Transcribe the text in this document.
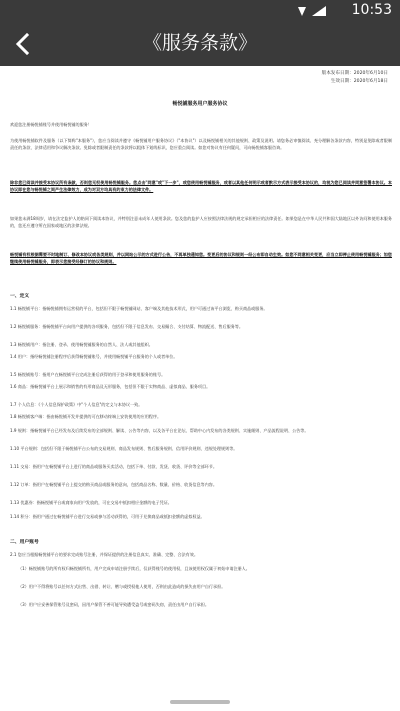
10:53
《服务条款》
版本发布日期：2020年6月10日
生效日期：2020年6月18日
畅悦铺服务用户服务协议
欢迎您注册畅悦铺账号并使用畅悦铺的服务！
为使用畅悦铺软件及服务（以下简称"本服务"），您应当阅读并遵守《畅悦铺用户服务协议》（"本协议"）以及畅悦铺相关的其他规则、政策及说明。请您务必审慎阅读、充分理解各条款内容，特别是免除或者限制责任的条款、法律适用和争议解决条款。免除或者限制责任的条款将以粗体下划线标识，您应重点阅读。如您对协议有任何疑问，可向畅悦铺客服咨询。
除非您已阅读并接受本协议所有条款，否则您无权使用畅悦铺服务。您点击"同意"或"下一步"，或您使用畅悦铺服务，或者以其他任何明示或者默示方式表示接受本协议的，均视为您已阅读并同意签署本协议。本协议即在您与畅悦铺之间产生法律效力，成为对双方均具有约束力的法律文件。
如果您未满18周岁，请在法定监护人的陪同下阅读本协议，并特别注意未成年人使用条款。您及您的监护人应按照法律法规的规定承担相应的法律责任。如果您是在中华人民共和国大陆地区以外访问和使用本服务的，您还应遵守所在国家或地区的法律法规。
畅悦铺有权根据需要不时地制订、修改本协议或各类规则，并以网站公示的方式进行公告，不再单独通知您。变更后的协议和规则一经公布即自动生效。如您不同意相关变更，应当立即停止使用畅悦铺服务；如您继续使用畅悦铺服务，即表示您接受经修订的协议和规则。
一、定义
1.1 畅悦铺平台：指畅悦铺拥有运营权的平台，包括但不限于畅悦铺网站、客户端及其他技术形式，用户可通过该平台浏览、购买商品或服务。
1.2 畅悦铺服务：指畅悦铺平台向用户提供的各项服务，包括但不限于信息发布、交易撮合、支付结算、物流配送、售后服务等。
1.3 畅悦铺用户：指注册、登录、使用畅悦铺服务的自然人、法人或其他组织。
1.4 用户：指经畅悦铺注册程序后获得畅悦铺账号，并使用畅悦铺平台服务的个人或者单位。
1.5 畅悦铺账号：指用户在畅悦铺平台完成注册后获得的用于登录和使用服务的账号。
1.6 商品：指畅悦铺平台上展示和销售的有形商品及无形服务，包括但不限于实物商品、虚拟商品、服务项目。
1.7 个人信息：《个人信息保护政策》中"个人信息"的定义与本协议一致。
1.8 畅悦铺客户端：指由畅悦铺开发并提供的可在移动终端上安装使用的应用程序。
1.9 规则：指畅悦铺平台已经发布及后续发布的全部规则、解读、公告等内容，以及各平台在论坛、帮助中心内发布的各类规则、实施细则、产品流程说明、公告等。
1.10 平台规则：包括但不限于畅悦铺平台公布的交易规则、商品发布规则、售后服务规则、信用评价规则、违规处理规则等。
1.11 交易：指用户在畅悦铺平台上进行的商品或服务买卖活动，包括下单、付款、发货、收货、评价等全部环节。
1.12 订单：指用户在畅悦铺平台上提交的购买商品或服务的意向，包括商品名称、数量、价格、收货信息等内容。
1.13 优惠券：指畅悦铺平台或商家向用户发放的，可在交易中抵扣相应金额的电子凭证。
1.14 积分：指用户通过在畅悦铺平台进行交易或参与活动获得的，可用于兑换商品或抵扣金额的虚拟权益。
二、用户账号
2.1 您应当根据畅悦铺平台的要求完成账号注册，并保证提供的注册信息真实、准确、完整、合法有效。
（1）畅悦铺账号的所有权归畅悦铺所有，用户完成申请注册手续后，仅获得账号的使用权，且该使用权仅属于初始申请注册人。
（2）用户不得将账号以任何方式出售、出借、转让、赠与或授权他人使用，否则由此造成的损失由用户自行承担。
（3）用户应妥善保管账号及密码，因用户保管不善可能导致遭受盗号或密码失窃，责任由用户自行承担。
